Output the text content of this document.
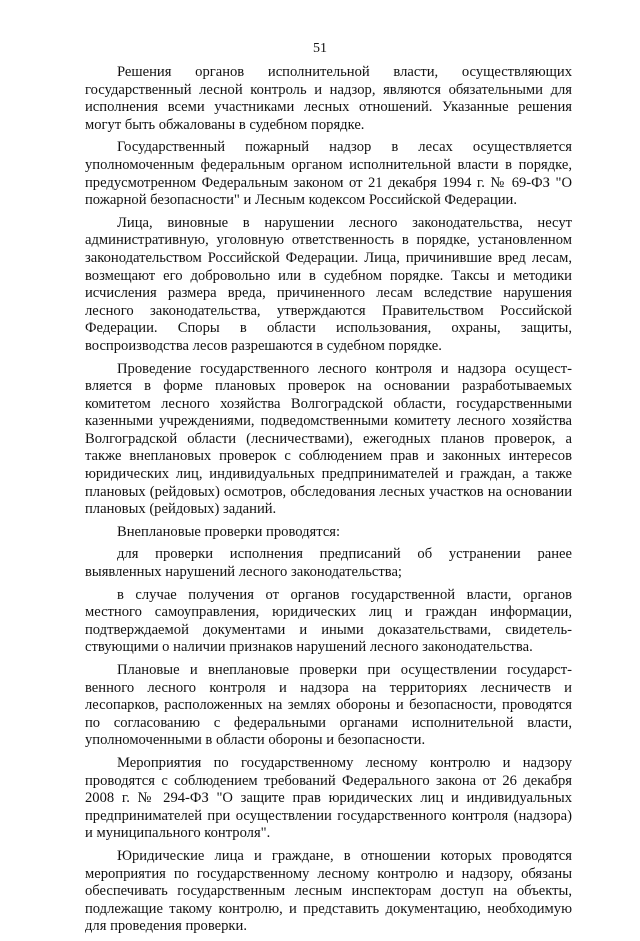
51

Решения органов исполнительной власти, осуществляющих государственный лесной контроль и надзор, являются обязательными для исполнения всеми участниками лесных отношений. Указанные решения могут быть обжалованы в судебном порядке.

Государственный пожарный надзор в лесах осуществляется уполномоченным федеральным органом исполнительной власти в порядке, предусмотренном Федеральным законом от 21 декабря 1994 г. № 69-ФЗ "О пожарной безопасности" и Лесным кодексом Российской Федерации.

Лица, виновные в нарушении лесного законодательства, несут административную, уголовную ответственность в порядке, установленном законодательством Российской Федерации. Лица, причинившие вред лесам, возмещают его добровольно или в судебном порядке. Таксы и методики исчисления размера вреда, причиненного лесам вследствие нарушения лесного законодательства, утверждаются Правительством Российской Федерации. Споры в области использования, охраны, защиты, воспроизводства лесов разрешаются в судебном порядке.

Проведение государственного лесного контроля и надзора осуществляется в форме плановых проверок на основании разработываемых комитетом лесного хозяйства Волгоградской области, государственными казенными учреждениями, подведомственными комитету лесного хозяйства Волгоградской области (лесничествами), ежегодных планов проверок, а также внеплановых проверок с соблюдением прав и законных интересов юридических лиц, индивидуальных предпринимателей и граждан, а также плановых (рейдовых) осмотров, обследования лесных участков на основании плановых (рейдовых) заданий.

Внеплановые проверки проводятся:

для проверки исполнения предписаний об устранении ранее выявленных нарушений лесного законодательства;

в случае получения от органов государственной власти, органов местного самоуправления, юридических лиц и граждан информации, подтверждаемой документами и иными доказательствами, свидетельствующими о наличии признаков нарушений лесного законодательства.

Плановые и внеплановые проверки при осуществлении государственного лесного контроля и надзора на территориях лесничеств и лесопарков, расположенных на землях обороны и безопасности, проводятся по согласованию с федеральными органами исполнительной власти, уполномоченными в области обороны и безопасности.

Мероприятия по государственному лесному контролю и надзору проводятся с соблюдением требований Федерального закона от 26 декабря 2008 г. № 294-ФЗ "О защите прав юридических лиц и индивидуальных предпринимателей при осуществлении государственного контроля (надзора) и муниципального контроля".

Юридические лица и граждане, в отношении которых проводятся мероприятия по государственному лесному контролю и надзору, обязаны обеспечивать государственным лесным инспекторам доступ на объекты, подлежащие такому контролю, и представить документацию, необходимую для проведения проверки.
